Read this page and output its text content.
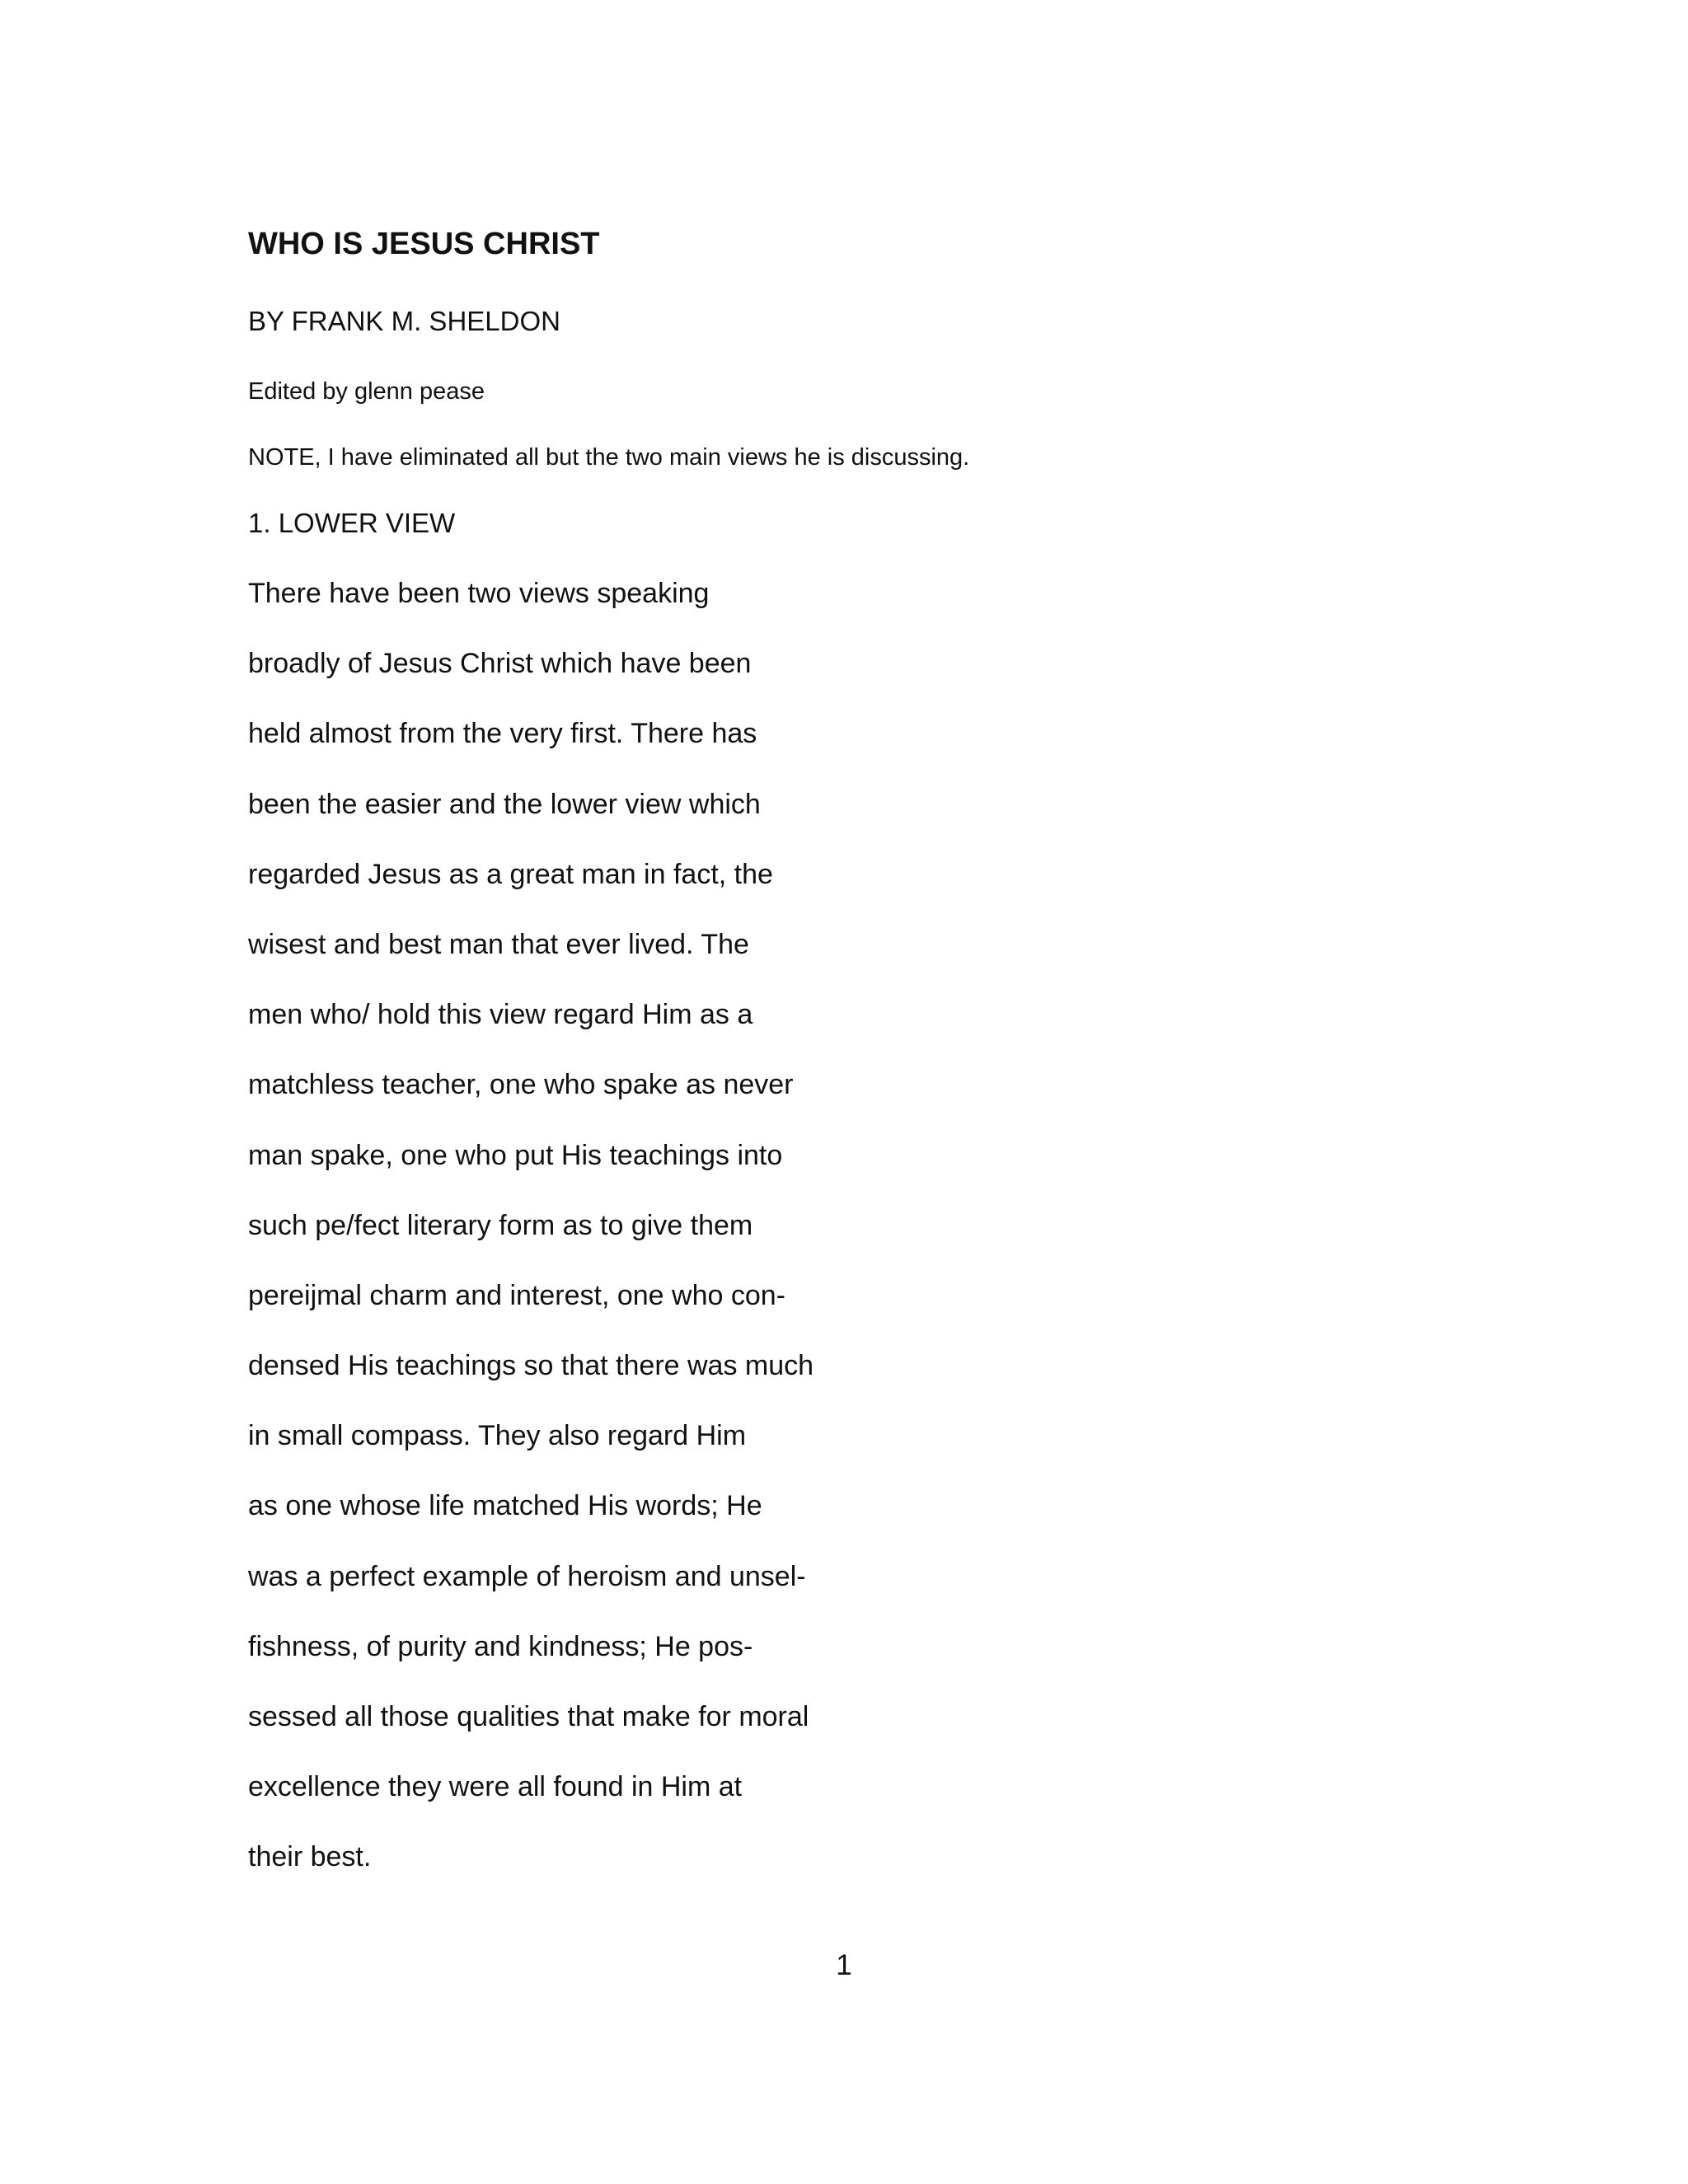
WHO IS JESUS CHRIST
BY FRANK M. SHELDON
Edited by glenn pease
NOTE, I have eliminated all but the two main views he is discussing.
1. LOWER VIEW
There have been two views speaking
broadly of Jesus Christ which have been
held almost from the very first. There has
been the easier and the lower view which
regarded Jesus as a great man in fact, the
wisest and best man that ever lived. The
men who/ hold this view regard Him as a
matchless teacher, one who spake as never
man spake, one who put His teachings into
such pe/fect literary form as to give them
pereijmal charm and interest, one who con-
densed His teachings so that there was much
in small compass. They also regard Him
as one whose life matched His words; He
was a perfect example of heroism and unsel-
fishness, of purity and kindness; He pos-
sessed all those qualities that make for moral
excellence they were all found in Him at
their best.
1
